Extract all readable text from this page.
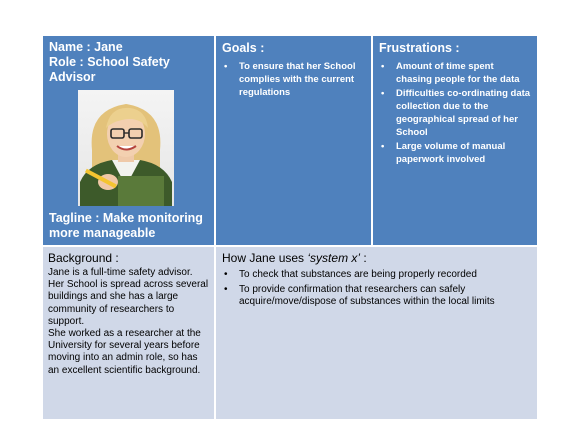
Name : Jane
Role : School Safety Advisor
Tagline : Make monitoring more manageable
Goals :
• To ensure that her School complies with the current regulations
Frustrations :
• Amount of time spent chasing people for the data
• Difficulties co-ordinating data collection due to the geographical spread of her School
• Large volume of manual paperwork involved
Background :
Jane is a full-time safety advisor. Her School is spread across several buildings and she has a large community of researchers to support.
She worked as a researcher at the University for several years before moving into an admin role, so has an excellent scientific background.
How Jane uses ‘system x’ :
• To check that substances are being properly recorded
• To provide confirmation that researchers can safely acquire/move/dispose of substances within the local limits
